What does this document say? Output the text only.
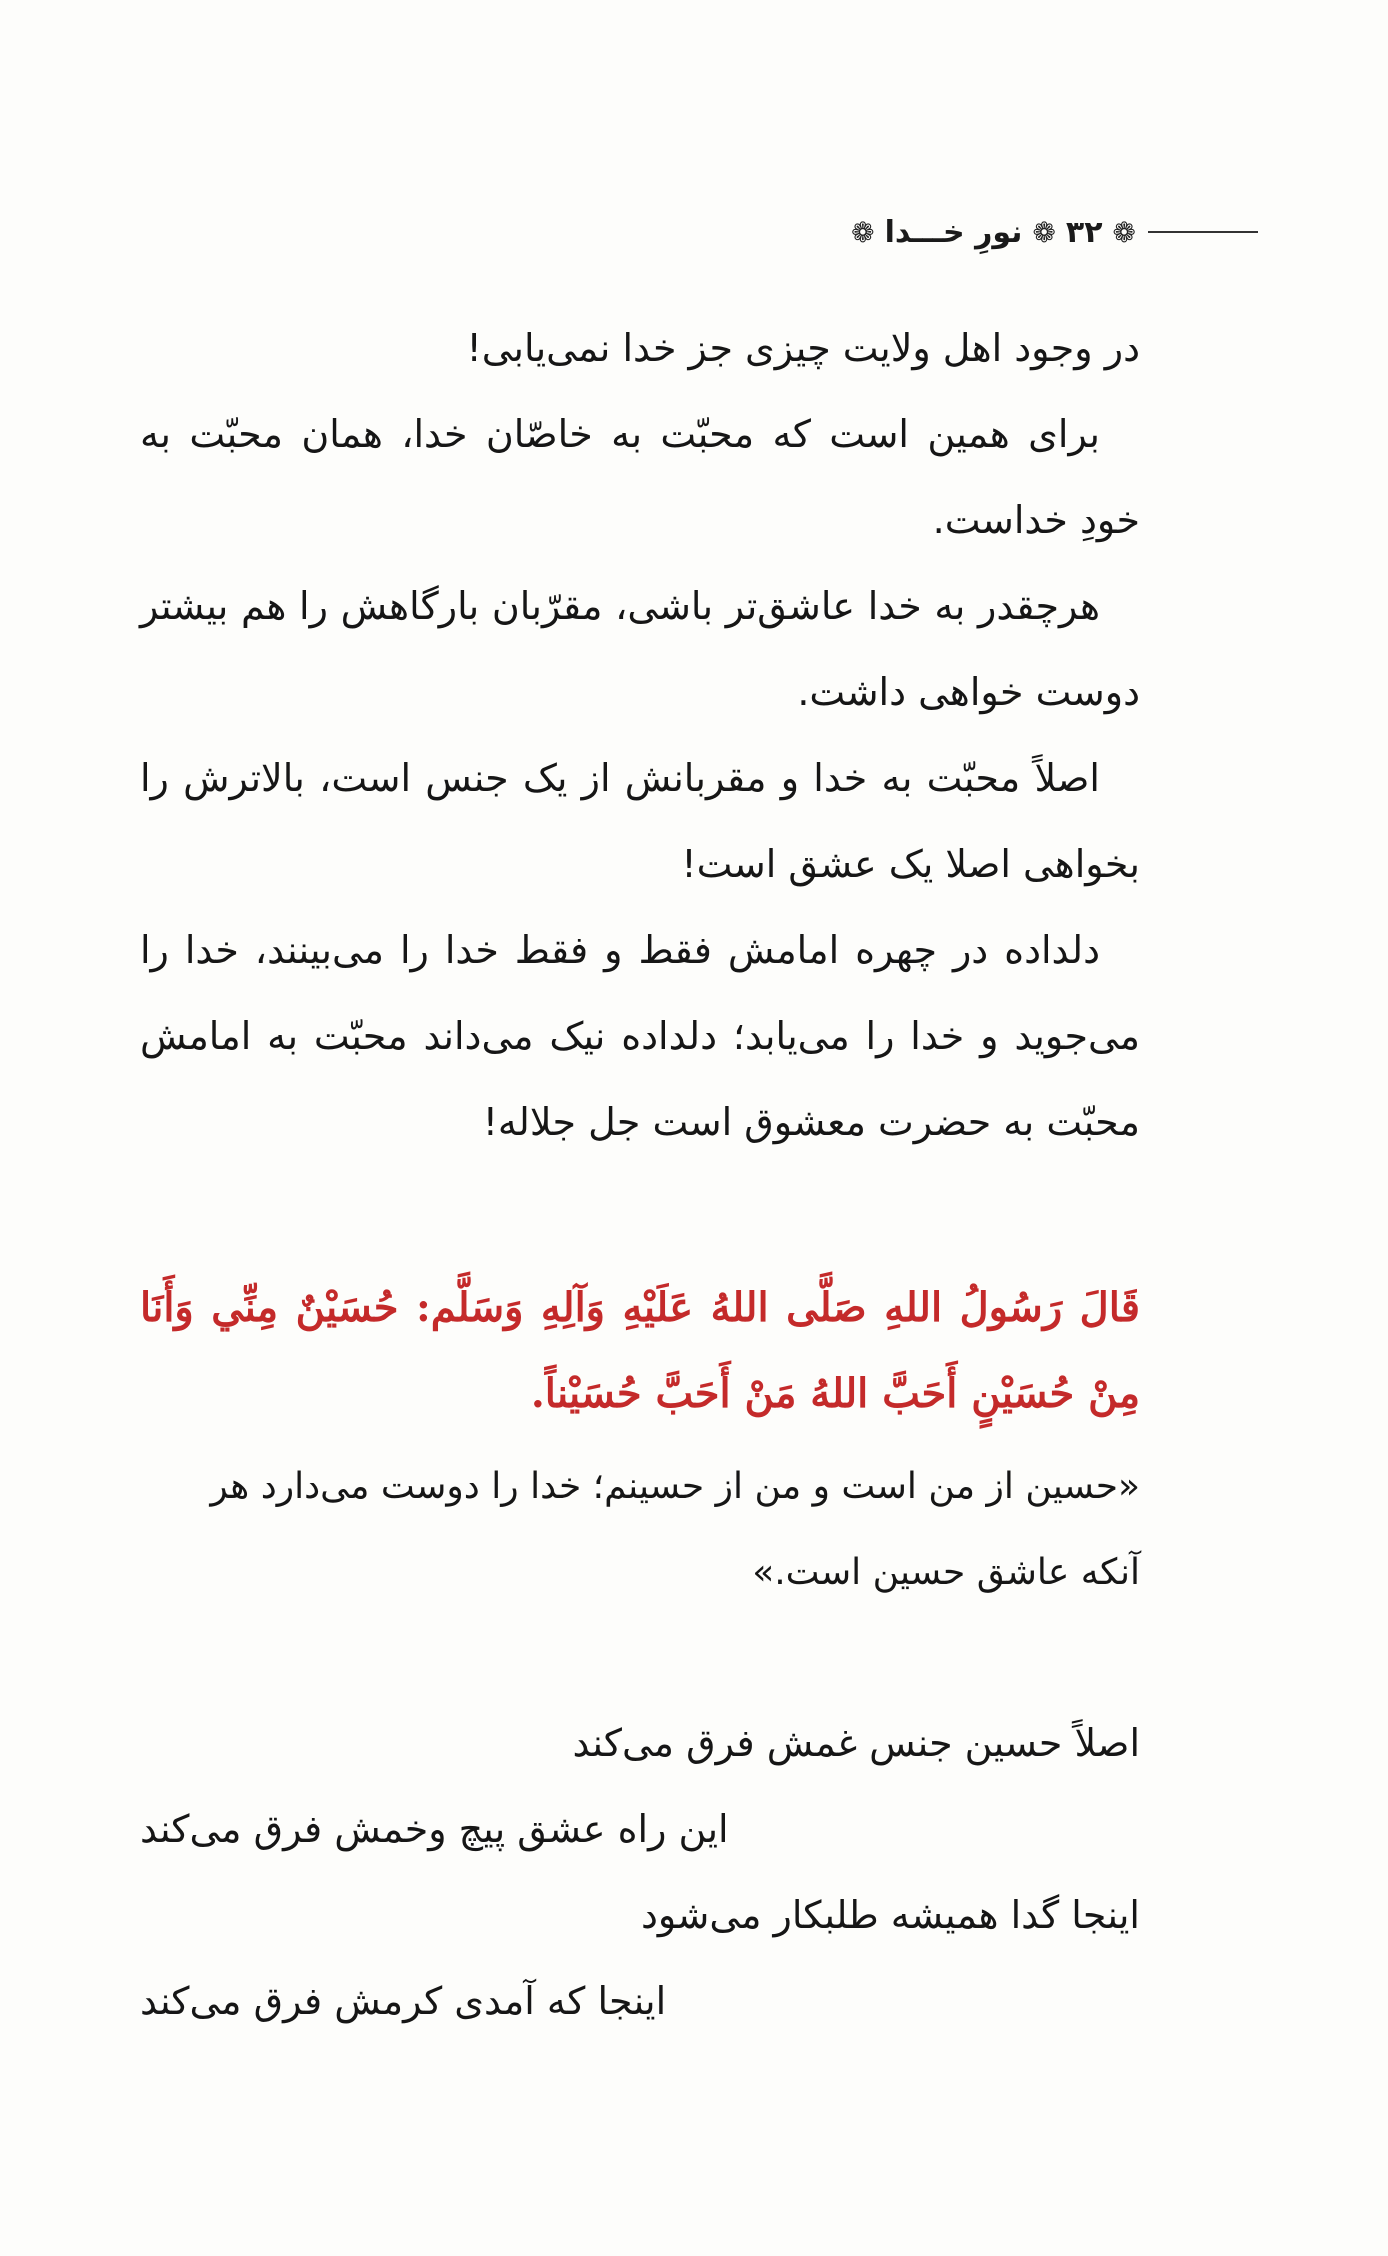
❁
۳۲
❁
نورِ خـــدا
❁

در وجود اهل ولایت چیزی جز خدا نمی‌یابی!

برای همین است که محبّت به خاصّان خدا، همان محبّت به خودِ خداست.

هرچقدر به خدا عاشق‌تر باشی، مقرّبان بارگاهش را هم بیشتر دوست خواهی داشت.

اصلاً محبّت به خدا و مقربانش از یک جنس است، بالاترش را بخواهی اصلا یک عشق است!

دلداده در چهره امامش فقط و فقط خدا را می‌بینند، خدا را می‌جوید و خدا را می‌یابد؛ دلداده نیک می‌داند محبّت به امامش محبّت به حضرت معشوق است جل جلاله!

قَالَ رَسُولُ اللهِ صَلَّی اللهُ عَلَیْهِ وَآلِهِ وَسَلَّم: حُسَیْنٌ مِنِّي وَأَنَا مِنْ حُسَیْنٍ أَحَبَّ اللهُ مَنْ أَحَبَّ حُسَیْناً.
«حسین از من است و من از حسینم؛ خدا را دوست می‌دارد هر آنکه عاشق حسین است.»
اصلاً حسین جنس غمش فرق می‌کند
این راه عشق پیچ وخمش فرق می‌کند
اینجا گدا همیشه طلبکار می‌شود
اینجا که آمدی کرمش فرق می‌کند
